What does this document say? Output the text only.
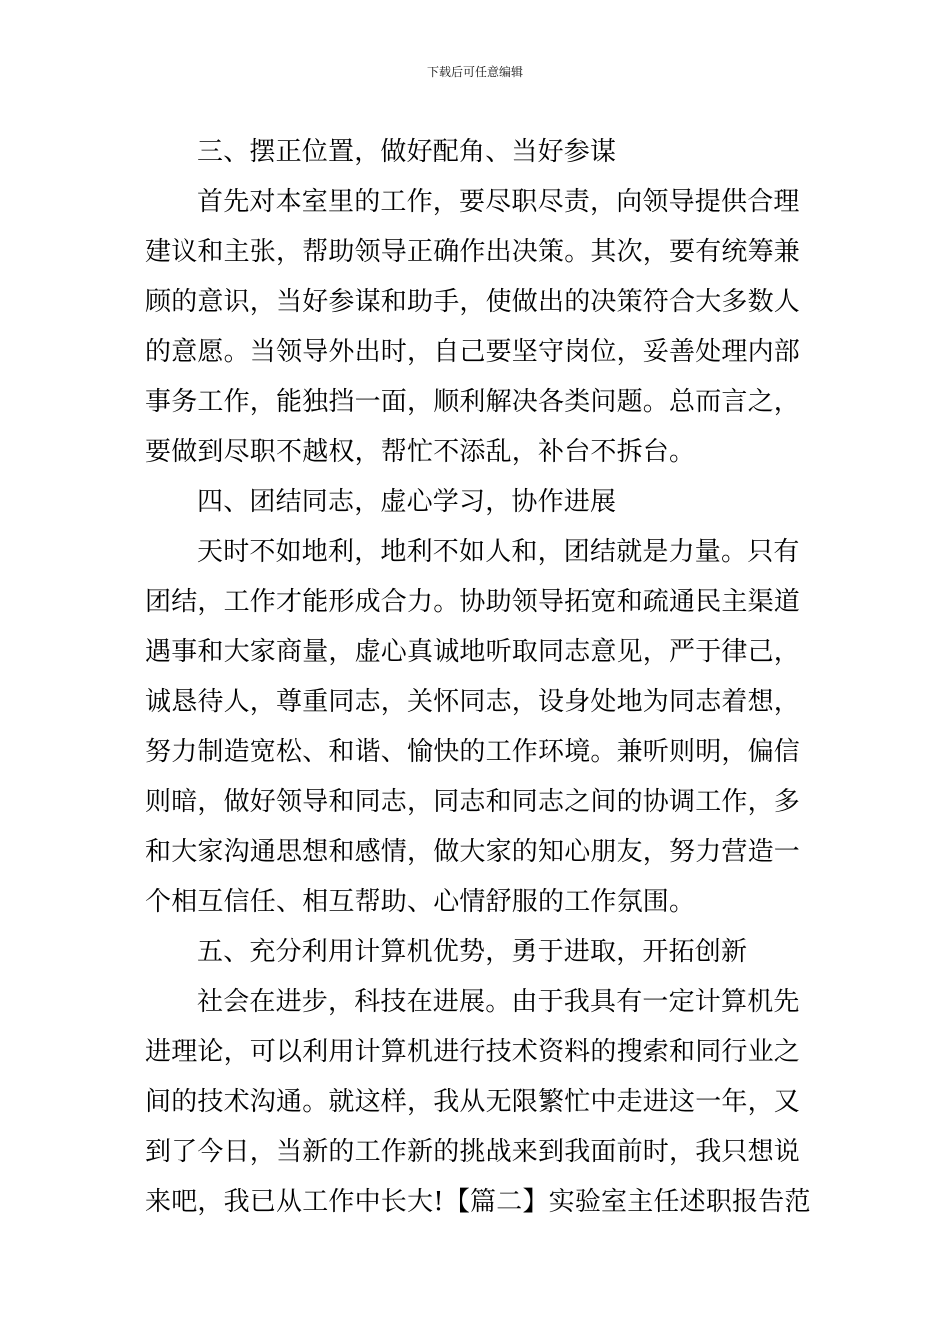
下载后可任意编辑
三、摆正位置，做好配角、当好参谋
首先对本室里的工作，要尽职尽责，向领导提供合理
建议和主张，帮助领导正确作出决策。其次，要有统筹兼
顾的意识，当好参谋和助手，使做出的决策符合大多数人
的意愿。当领导外出时，自己要坚守岗位，妥善处理内部
事务工作，能独挡一面，顺利解决各类问题。总而言之，
要做到尽职不越权，帮忙不添乱，补台不拆台。
四、团结同志，虚心学习，协作进展
天时不如地利，地利不如人和，团结就是力量。只有
团结，工作才能形成合力。协助领导拓宽和疏通民主渠道
遇事和大家商量，虚心真诚地听取同志意见，严于律己，
诚恳待人，尊重同志，关怀同志，设身处地为同志着想，
努力制造宽松、和谐、愉快的工作环境。兼听则明，偏信
则暗，做好领导和同志，同志和同志之间的协调工作，多
和大家沟通思想和感情，做大家的知心朋友，努力营造一
个相互信任、相互帮助、心情舒服的工作氛围。
五、充分利用计算机优势，勇于进取，开拓创新
社会在进步，科技在进展。由于我具有一定计算机先
进理论，可以利用计算机进行技术资料的搜索和同行业之
间的技术沟通。就这样，我从无限繁忙中走进这一年，又
到了今日，当新的工作新的挑战来到我面前时，我只想说
来吧，我已从工作中长大!【篇二】实验室主任述职报告范
